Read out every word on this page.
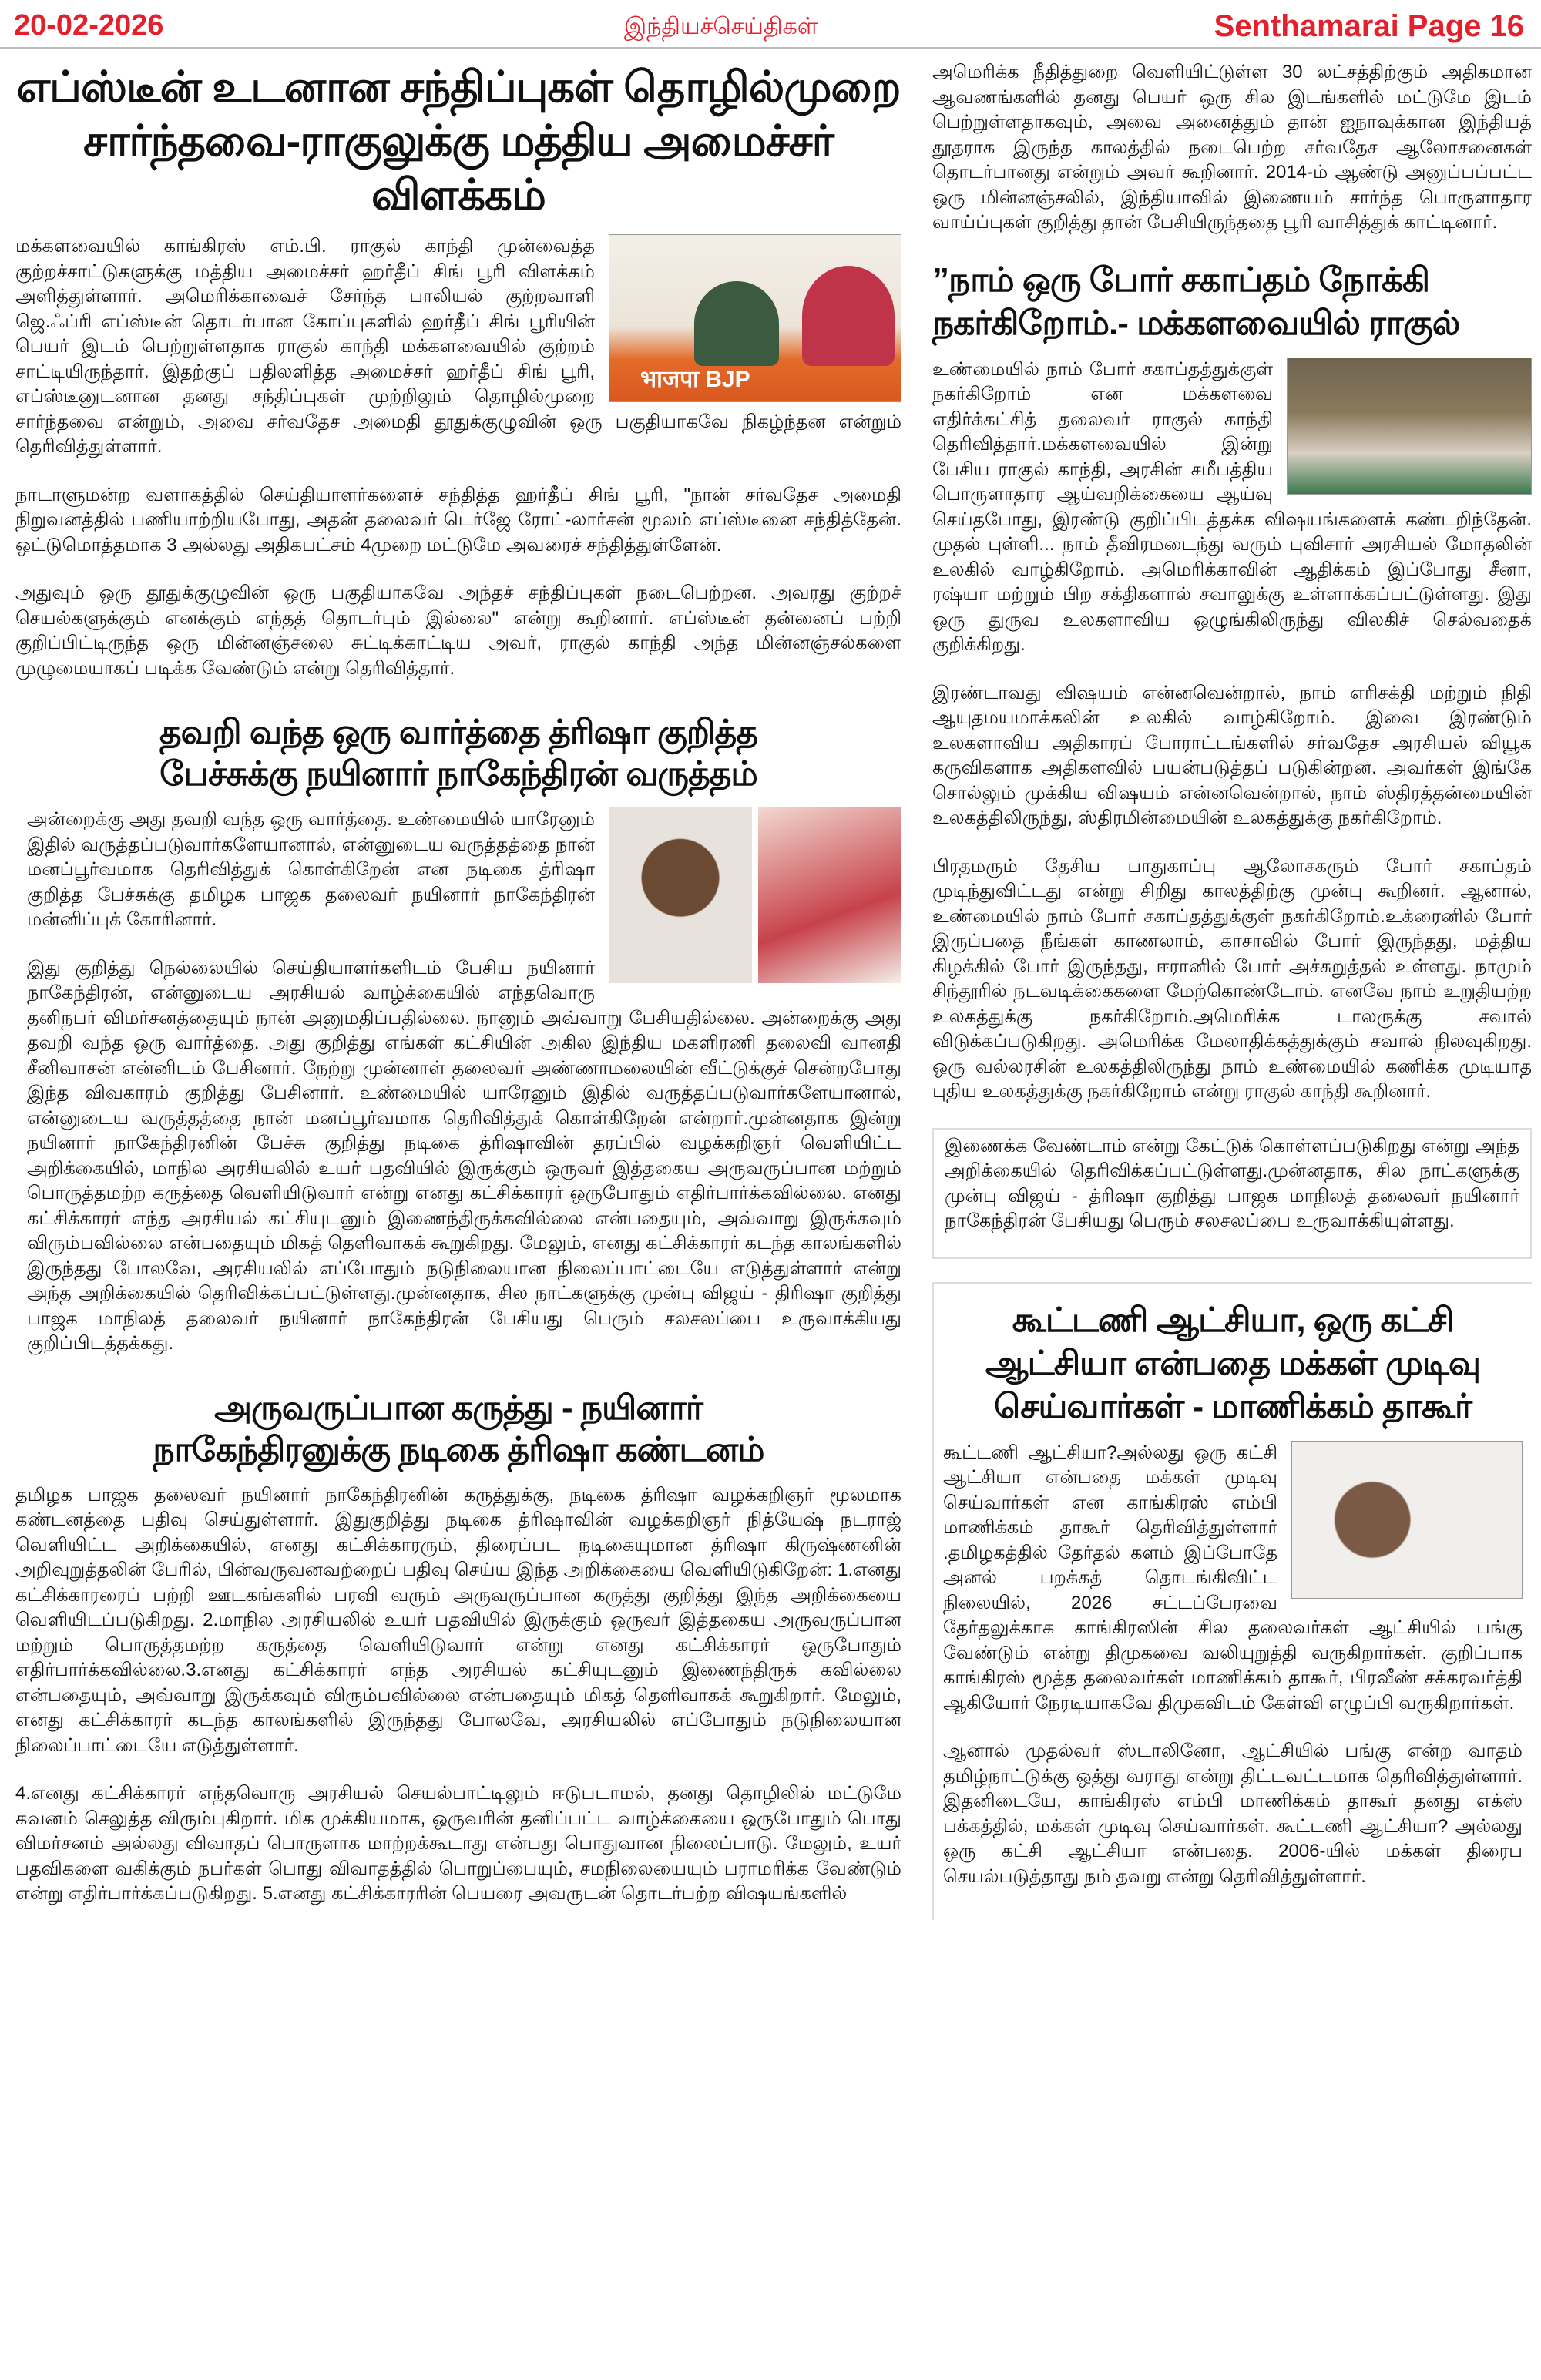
20-02-2026	இந்தியச்செய்திகள்	Senthamarai Page 16
எப்ஸ்டீன் உடனான சந்திப்புகள் தொழில்முறை சார்ந்தவை-ராகுலுக்கு மத்திய அமைச்சர் விளக்கம்
भाजपा BJP

மக்களவையில் காங்கிரஸ் எம்.பி. ராகுல் காந்தி முன்வைத்த குற்றச்சாட்டுகளுக்கு மத்திய அமைச்சர் ஹர்தீப் சிங் பூரி விளக்கம் அளித்துள்ளார். அமெரிக்காவைச் சேர்ந்த பாலியல் குற்றவாளி ஜெ.ஃப்ரி எப்ஸ்டீன் தொடர்பான கோப்புகளில் ஹர்தீப் சிங் பூரியின் பெயர் இடம் பெற்றுள்ளதாக ராகுல் காந்தி மக்களவையில் குற்றம் சாட்டியிருந்தார். இதற்குப் பதிலளித்த அமைச்சர் ஹர்தீப் சிங் பூரி, எப்ஸ்டீனுடனான தனது சந்திப்புகள் முற்றிலும் தொழில்முறை சார்ந்தவை என்றும், அவை சர்வதேச அமைதி தூதுக்குழுவின் ஒரு பகுதியாகவே நிகழ்ந்தன என்றும் தெரிவித்துள்ளார்.

நாடாளுமன்ற வளாகத்தில் செய்தியாளர்களைச் சந்தித்த ஹர்தீப் சிங் பூரி, "நான் சர்வதேச அமைதி நிறுவனத்தில் பணியாற்றியபோது, அதன் தலைவர் டெர்ஜே ரோட்-லார்சன் மூலம் எப்ஸ்டீனை சந்தித்தேன். ஒட்டுமொத்தமாக 3 அல்லது அதிகபட்சம் 4முறை மட்டுமே அவரைச் சந்தித்துள்ளேன்.

அதுவும் ஒரு தூதுக்குழுவின் ஒரு பகுதியாகவே அந்தச் சந்திப்புகள் நடைபெற்றன. அவரது குற்றச் செயல்களுக்கும் எனக்கும் எந்தத் தொடர்பும் இல்லை" என்று கூறினார். எப்ஸ்டீன் தன்னைப் பற்றி குறிப்பிட்டிருந்த ஒரு மின்னஞ்சலை சுட்டிக்காட்டிய அவர், ராகுல் காந்தி அந்த மின்னஞ்சல்களை முழுமையாகப் படிக்க வேண்டும் என்று தெரிவித்தார்.

தவறி வந்த ஒரு வார்த்தை த்ரிஷா குறித்த பேச்சுக்கு நயினார் நாகேந்திரன் வருத்தம்

அன்றைக்கு அது தவறி வந்த ஒரு வார்த்தை. உண்மையில் யாரேனும் இதில் வருத்தப்படுவார்களேயானால், என்னுடைய வருத்தத்தை நான் மனப்பூர்வமாக தெரிவித்துக் கொள்கிறேன் என நடிகை த்ரிஷா குறித்த பேச்சுக்கு தமிழக பாஜக தலைவர் நயினார் நாகேந்திரன் மன்னிப்புக் கோரினார்.

இது குறித்து நெல்லையில் செய்தியாளர்களிடம் பேசிய நயினார் நாகேந்திரன், என்னுடைய அரசியல் வாழ்க்கையில் எந்தவொரு தனிநபர் விமர்சனத்தையும் நான் அனுமதிப்பதில்லை. நானும் அவ்வாறு பேசியதில்லை. அன்றைக்கு அது தவறி வந்த ஒரு வார்த்தை. அது குறித்து எங்கள் கட்சியின் அகில இந்திய மகளிரணி தலைவி வானதி சீனிவாசன் என்னிடம் பேசினார். நேற்று முன்னாள் தலைவர் அண்ணாமலையின் வீட்டுக்குச் சென்றபோது இந்த விவகாரம் குறித்து பேசினார். உண்மையில் யாரேனும் இதில் வருத்தப்படுவார்களேயானால், என்னுடைய வருத்தத்தை நான் மனப்பூர்வமாக தெரிவித்துக் கொள்கிறேன் என்றார்.முன்னதாக இன்று நயினார் நாகேந்திரனின் பேச்சு குறித்து நடிகை த்ரிஷாவின் தரப்பில் வழக்கறிஞர் வெளியிட்ட அறிக்கையில், மாநில அரசியலில் உயர் பதவியில் இருக்கும் ஒருவர் இத்தகைய அருவருப்பான மற்றும் பொருத்தமற்ற கருத்தை வெளியிடுவார் என்று எனது கட்சிக்காரர் ஒருபோதும் எதிர்பார்க்கவில்லை. எனது கட்சிக்காரர் எந்த அரசியல் கட்சியுடனும் இணைந்திருக்கவில்லை என்பதையும், அவ்வாறு இருக்கவும் விரும்பவில்லை என்பதையும் மிகத் தெளிவாகக் கூறுகிறது. மேலும், எனது கட்சிக்காரர் கடந்த காலங்களில் இருந்தது போலவே, அரசியலில் எப்போதும் நடுநிலையான நிலைப்பாட்டையே எடுத்துள்ளார் என்று அந்த அறிக்கையில் தெரிவிக்கப்பட்டுள்ளது.முன்னதாக, சில நாட்களுக்கு முன்பு விஜய் - திரிஷா குறித்து பாஜக மாநிலத் தலைவர் நயினார் நாகேந்திரன் பேசியது பெரும் சலசலப்பை உருவாக்கியது குறிப்பிடத்தக்கது.

அருவருப்பான கருத்து - நயினார் நாகேந்திரனுக்கு நடிகை த்ரிஷா கண்டனம்

தமிழக பாஜக தலைவர் நயினார் நாகேந்திரனின் கருத்துக்கு, நடிகை த்ரிஷா வழக்கறிஞர் மூலமாக கண்டனத்தை பதிவு செய்துள்ளார். இதுகுறித்து நடிகை த்ரிஷாவின் வழக்கறிஞர் நித்யேஷ் நடராஜ் வெளியிட்ட அறிக்கையில், எனது கட்சிக்காரரும், திரைப்பட நடிகையுமான த்ரிஷா கிருஷ்ணனின் அறிவுறுத்தலின் பேரில், பின்வருவனவற்றைப் பதிவு செய்ய இந்த அறிக்கையை வெளியிடுகிறேன்: 1.எனது கட்சிக்காரரைப் பற்றி ஊடகங்களில் பரவி வரும் அருவருப்பான கருத்து குறித்து இந்த அறிக்கையை வெளியிடப்படுகிறது. 2.மாநில அரசியலில் உயர் பதவியில் இருக்கும் ஒருவர் இத்தகைய அருவருப்பான மற்றும் பொருத்தமற்ற கருத்தை வெளியிடுவார் என்று எனது கட்சிக்காரர் ஒருபோதும் எதிர்பார்க்கவில்லை.3.எனது கட்சிக்காரர் எந்த அரசியல் கட்சியுடனும் இணைந்திருக் கவில்லை என்பதையும், அவ்வாறு இருக்கவும் விரும்பவில்லை என்பதையும் மிகத் தெளிவாகக் கூறுகிறார். மேலும், எனது கட்சிக்காரர் கடந்த காலங்களில் இருந்தது போலவே, அரசியலில் எப்போதும் நடுநிலையான நிலைப்பாட்டையே எடுத்துள்ளார்.

4.எனது கட்சிக்காரர் எந்தவொரு அரசியல் செயல்பாட்டிலும் ஈடுபடாமல், தனது தொழிலில் மட்டுமே கவனம் செலுத்த விரும்புகிறார். மிக முக்கியமாக, ஒருவரின் தனிப்பட்ட வாழ்க்கையை ஒருபோதும் பொது விமர்சனம் அல்லது விவாதப் பொருளாக மாற்றக்கூடாது என்பது பொதுவான நிலைப்பாடு. மேலும், உயர் பதவிகளை வகிக்கும் நபர்கள் பொது விவாதத்தில் பொறுப்பையும், சமநிலையையும் பராமரிக்க வேண்டும் என்று எதிர்பார்க்கப்படுகிறது. 5.எனது கட்சிக்காரரின் பெயரை அவருடன் தொடர்பற்ற விஷயங்களில்

அமெரிக்க நீதித்துறை வெளியிட்டுள்ள 30 லட்சத்திற்கும் அதிகமான ஆவணங்களில் தனது பெயர் ஒரு சில இடங்களில் மட்டுமே இடம் பெற்றுள்ளதாகவும், அவை அனைத்தும் தான் ஐநாவுக்கான இந்தியத் தூதராக இருந்த காலத்தில் நடைபெற்ற சர்வதேச ஆலோசனைகள் தொடர்பானது என்றும் அவர் கூறினார். 2014-ம் ஆண்டு அனுப்பப்பட்ட ஒரு மின்னஞ்சலில், இந்தியாவில் இணையம் சார்ந்த பொருளாதார வாய்ப்புகள் குறித்து தான் பேசியிருந்ததை பூரி வாசித்துக் காட்டினார்.

”நாம் ஒரு போர் சகாப்தம் நோக்கி நகர்கிறோம்.- மக்களவையில் ராகுல்

உண்மையில் நாம் போர் சகாப்தத்துக்குள் நகர்கிறோம் என மக்களவை எதிர்க்கட்சித் தலைவர் ராகுல் காந்தி தெரிவித்தார்.மக்களவையில் இன்று பேசிய ராகுல் காந்தி, அரசின் சமீபத்திய பொருளாதார ஆய்வறிக்கையை ஆய்வு செய்தபோது, இரண்டு குறிப்பிடத்தக்க விஷயங்களைக் கண்டறிந்தேன். முதல் புள்ளி... நாம் தீவிரமடைந்து வரும் புவிசார் அரசியல் மோதலின் உலகில் வாழ்கிறோம். அமெரிக்காவின் ஆதிக்கம் இப்போது சீனா, ரஷ்யா மற்றும் பிற சக்திகளால் சவாலுக்கு உள்ளாக்கப்பட்டுள்ளது. இது ஒரு துருவ உலகளாவிய ஒழுங்கிலிருந்து விலகிச் செல்வதைக் குறிக்கிறது.

இரண்டாவது விஷயம் என்னவென்றால், நாம் எரிசக்தி மற்றும் நிதி ஆயுதமயமாக்கலின் உலகில் வாழ்கிறோம். இவை இரண்டும் உலகளாவிய அதிகாரப் போராட்டங்களில் சர்வதேச அரசியல் வியூக கருவிகளாக அதிகளவில் பயன்படுத்தப் படுகின்றன. அவர்கள் இங்கே சொல்லும் முக்கிய விஷயம் என்னவென்றால், நாம் ஸ்திரத்தன்மையின் உலகத்திலிருந்து, ஸ்திரமின்மையின் உலகத்துக்கு நகர்கிறோம்.

பிரதமரும் தேசிய பாதுகாப்பு ஆலோசகரும் போர் சகாப்தம் முடிந்துவிட்டது என்று சிறிது காலத்திற்கு முன்பு கூறினர். ஆனால், உண்மையில் நாம் போர் சகாப்தத்துக்குள் நகர்கிறோம்.உக்ரைனில் போர் இருப்பதை நீங்கள் காணலாம், காசாவில் போர் இருந்தது, மத்திய கிழக்கில் போர் இருந்தது, ஈரானில் போர் அச்சுறுத்தல் உள்ளது. நாமும் சிந்தூரில் நடவடிக்கைகளை மேற்கொண்டோம். எனவே நாம் உறுதியற்ற உலகத்துக்கு நகர்கிறோம்.அமெரிக்க டாலருக்கு சவால் விடுக்கப்படுகிறது. அமெரிக்க மேலாதிக்கத்துக்கும் சவால் நிலவுகிறது. ஒரு வல்லரசின் உலகத்திலிருந்து நாம் உண்மையில் கணிக்க முடியாத புதிய உலகத்துக்கு நகர்கிறோம் என்று ராகுல் காந்தி கூறினார்.

இணைக்க வேண்டாம் என்று கேட்டுக் கொள்ளப்படுகிறது என்று அந்த அறிக்கையில் தெரிவிக்கப்பட்டுள்ளது.முன்னதாக, சில நாட்களுக்கு முன்பு விஜய் - த்ரிஷா குறித்து பாஜக மாநிலத் தலைவர் நயினார் நாகேந்திரன் பேசியது பெரும் சலசலப்பை உருவாக்கியுள்ளது.

கூட்டணி ஆட்சியா, ஒரு கட்சி ஆட்சியா என்பதை மக்கள் முடிவு செய்வார்கள் - மாணிக்கம் தாகூர்

கூட்டணி ஆட்சியா?அல்லது ஒரு கட்சி ஆட்சியா என்பதை மக்கள் முடிவு செய்வார்கள் என காங்கிரஸ் எம்பி மாணிக்கம் தாகூர் தெரிவித்துள்ளார் .தமிழகத்தில் தேர்தல் களம் இப்போதே அனல் பறக்கத் தொடங்கிவிட்ட நிலையில், 2026 சட்டப்பேரவை தேர்தலுக்காக காங்கிரஸின் சில தலைவர்கள் ஆட்சியில் பங்கு வேண்டும் என்று திமுகவை வலியுறுத்தி வருகிறார்கள். குறிப்பாக காங்கிரஸ் மூத்த தலைவர்கள் மாணிக்கம் தாகூர், பிரவீண் சக்கரவர்த்தி ஆகியோர் நேரடியாகவே திமுகவிடம் கேள்வி எழுப்பி வருகிறார்கள்.

ஆனால் முதல்வர் ஸ்டாலினோ, ஆட்சியில் பங்கு என்ற வாதம் தமிழ்நாட்டுக்கு ஒத்து வராது என்று திட்டவட்டமாக தெரிவித்துள்ளார். இதனிடையே, காங்கிரஸ் எம்பி மாணிக்கம் தாகூர் தனது எக்ஸ் பக்கத்தில், மக்கள் முடிவு செய்வார்கள். கூட்டணி ஆட்சியா? அல்லது ஒரு கட்சி ஆட்சியா என்பதை. 2006-யில் மக்கள் திரைப செயல்படுத்தாது நம் தவறு என்று தெரிவித்துள்ளார்.
